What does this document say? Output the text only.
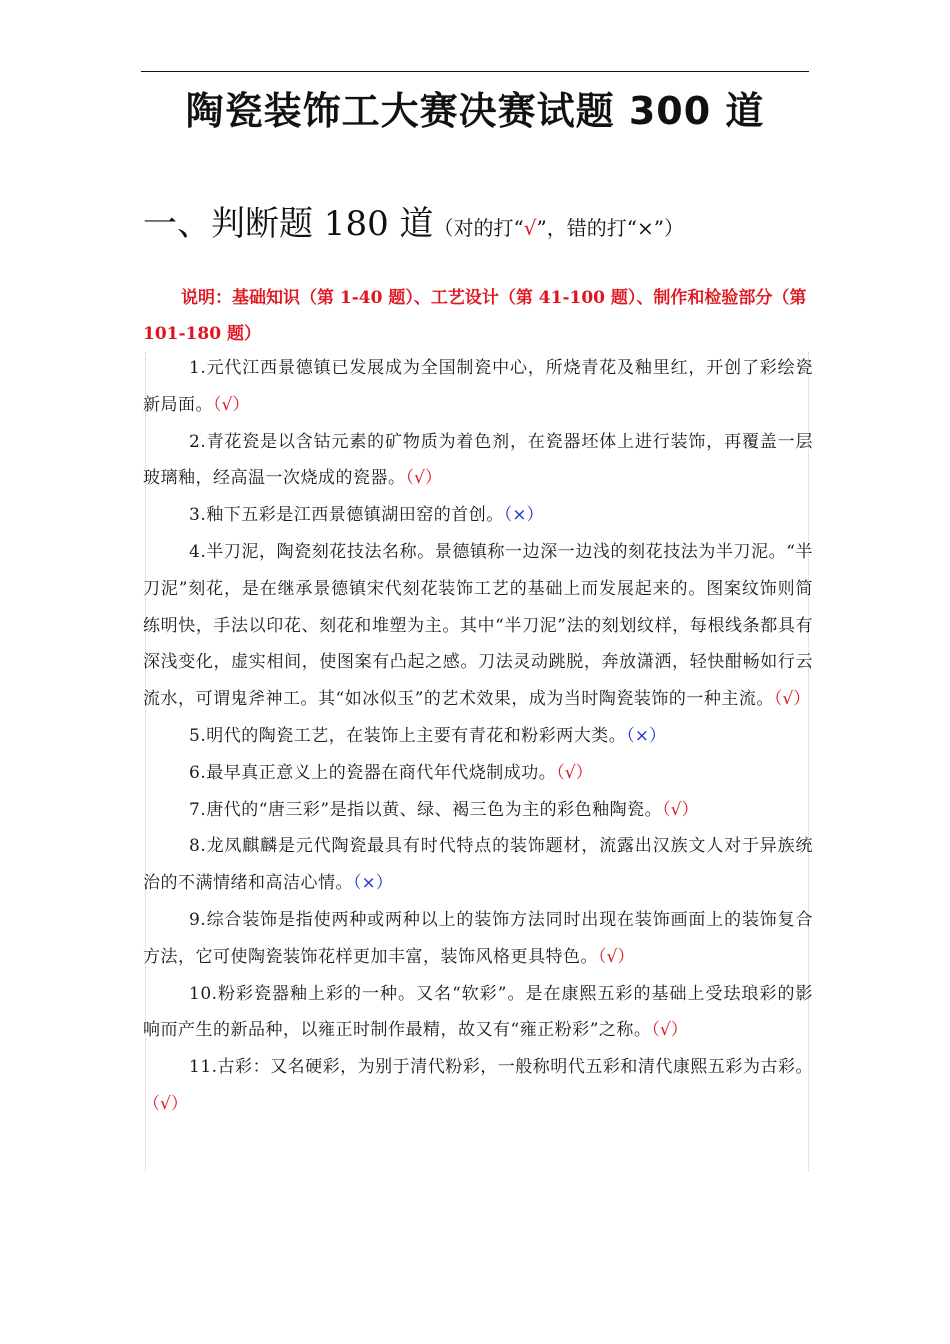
陶瓷装饰工大赛决赛试题 300 道
一、判断题 180 道（对的打“√”，错的打“×”）
说明：基础知识（第 1-40 题）、工艺设计（第 41-100 题）、制作和检验部分（第 101-180 题）
1.元代江西景德镇已发展成为全国制瓷中心，所烧青花及釉里红，开创了彩绘瓷新局面。（√）
2.青花瓷是以含钴元素的矿物质为着色剂，在瓷器坯体上进行装饰，再覆盖一层玻璃釉，经高温一次烧成的瓷器。（√）
3.釉下五彩是江西景德镇湖田窑的首创。（×）
4.半刀泥，陶瓷刻花技法名称。景德镇称一边深一边浅的刻花技法为半刀泥。“半刀泥”刻花，是在继承景德镇宋代刻花装饰工艺的基础上而发展起来的。图案纹饰则简练明快，手法以印花、刻花和堆塑为主。其中“半刀泥”法的刻划纹样，每根线条都具有深浅变化，虚实相间，使图案有凸起之感。刀法灵动跳脱，奔放潇洒，轻快酣畅如行云流水，可谓鬼斧神工。其“如冰似玉”的艺术效果，成为当时陶瓷装饰的一种主流。（√）
5.明代的陶瓷工艺，在装饰上主要有青花和粉彩两大类。（×）
6.最早真正意义上的瓷器在商代年代烧制成功。（√）
7.唐代的“唐三彩”是指以黄、绿、褐三色为主的彩色釉陶瓷。（√）
8.龙凤麒麟是元代陶瓷最具有时代特点的装饰题材，流露出汉族文人对于异族统治的不满情绪和高洁心情。（×）
9.综合装饰是指使两种或两种以上的装饰方法同时出现在装饰画面上的装饰复合方法，它可使陶瓷装饰花样更加丰富，装饰风格更具特色。（√）
10.粉彩瓷器釉上彩的一种。又名“软彩”。是在康熙五彩的基础上受珐琅彩的影响而产生的新品种，以雍正时制作最精，故又有“雍正粉彩”之称。（√）
11.古彩：又名硬彩，为别于清代粉彩，一般称明代五彩和清代康熙五彩为古彩。（√）
